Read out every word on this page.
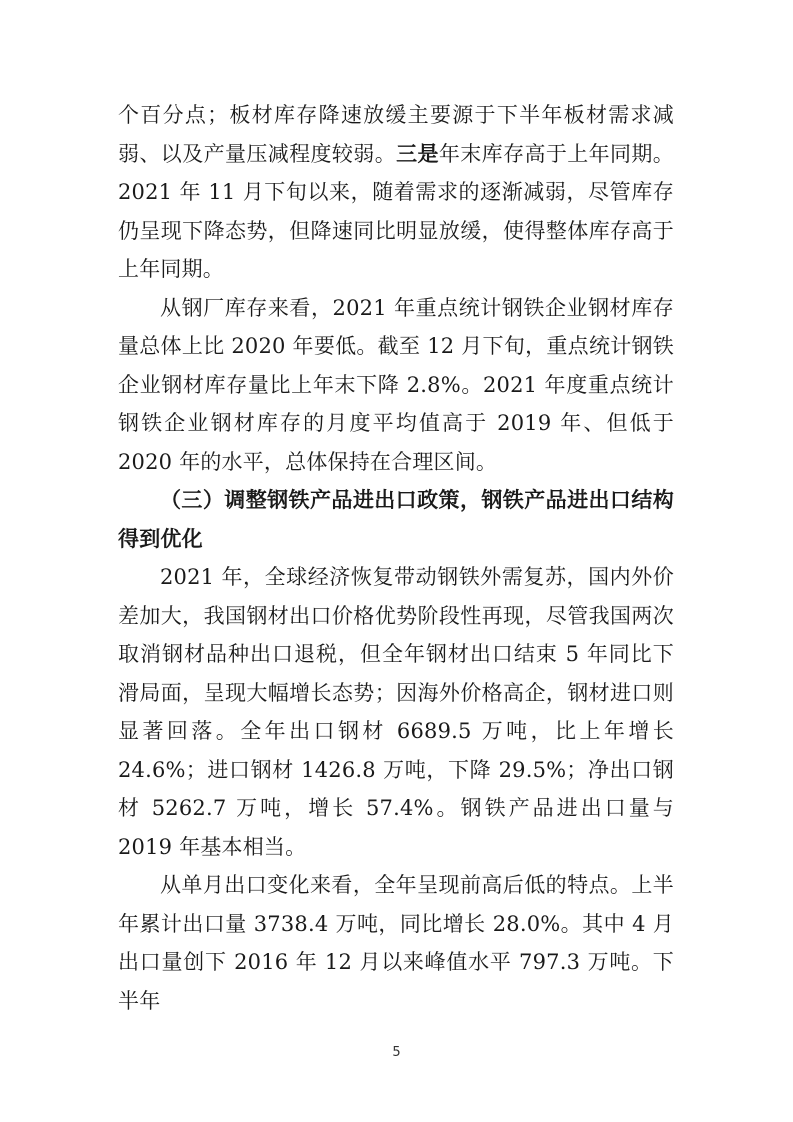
个百分点；板材库存降速放缓主要源于下半年板材需求减弱、以及产量压减程度较弱。三是年末库存高于上年同期。2021 年 11 月下旬以来，随着需求的逐渐减弱，尽管库存仍呈现下降态势，但降速同比明显放缓，使得整体库存高于上年同期。

从钢厂库存来看，2021 年重点统计钢铁企业钢材库存量总体上比 2020 年要低。截至 12 月下旬，重点统计钢铁企业钢材库存量比上年末下降 2.8%。2021 年度重点统计钢铁企业钢材库存的月度平均值高于 2019 年、但低于 2020 年的水平，总体保持在合理区间。

（三）调整钢铁产品进出口政策，钢铁产品进出口结构得到优化

2021 年，全球经济恢复带动钢铁外需复苏，国内外价差加大，我国钢材出口价格优势阶段性再现，尽管我国两次取消钢材品种出口退税，但全年钢材出口结束 5 年同比下滑局面，呈现大幅增长态势；因海外价格高企，钢材进口则显著回落。全年出口钢材 6689.5 万吨，比上年增长 24.6%；进口钢材 1426.8 万吨，下降 29.5%；净出口钢材 5262.7 万吨，增长 57.4%。钢铁产品进出口量与 2019 年基本相当。

从单月出口变化来看，全年呈现前高后低的特点。上半年累计出口量 3738.4 万吨，同比增长 28.0%。其中 4 月出口量创下 2016 年 12 月以来峰值水平 797.3 万吨。下半年

5
